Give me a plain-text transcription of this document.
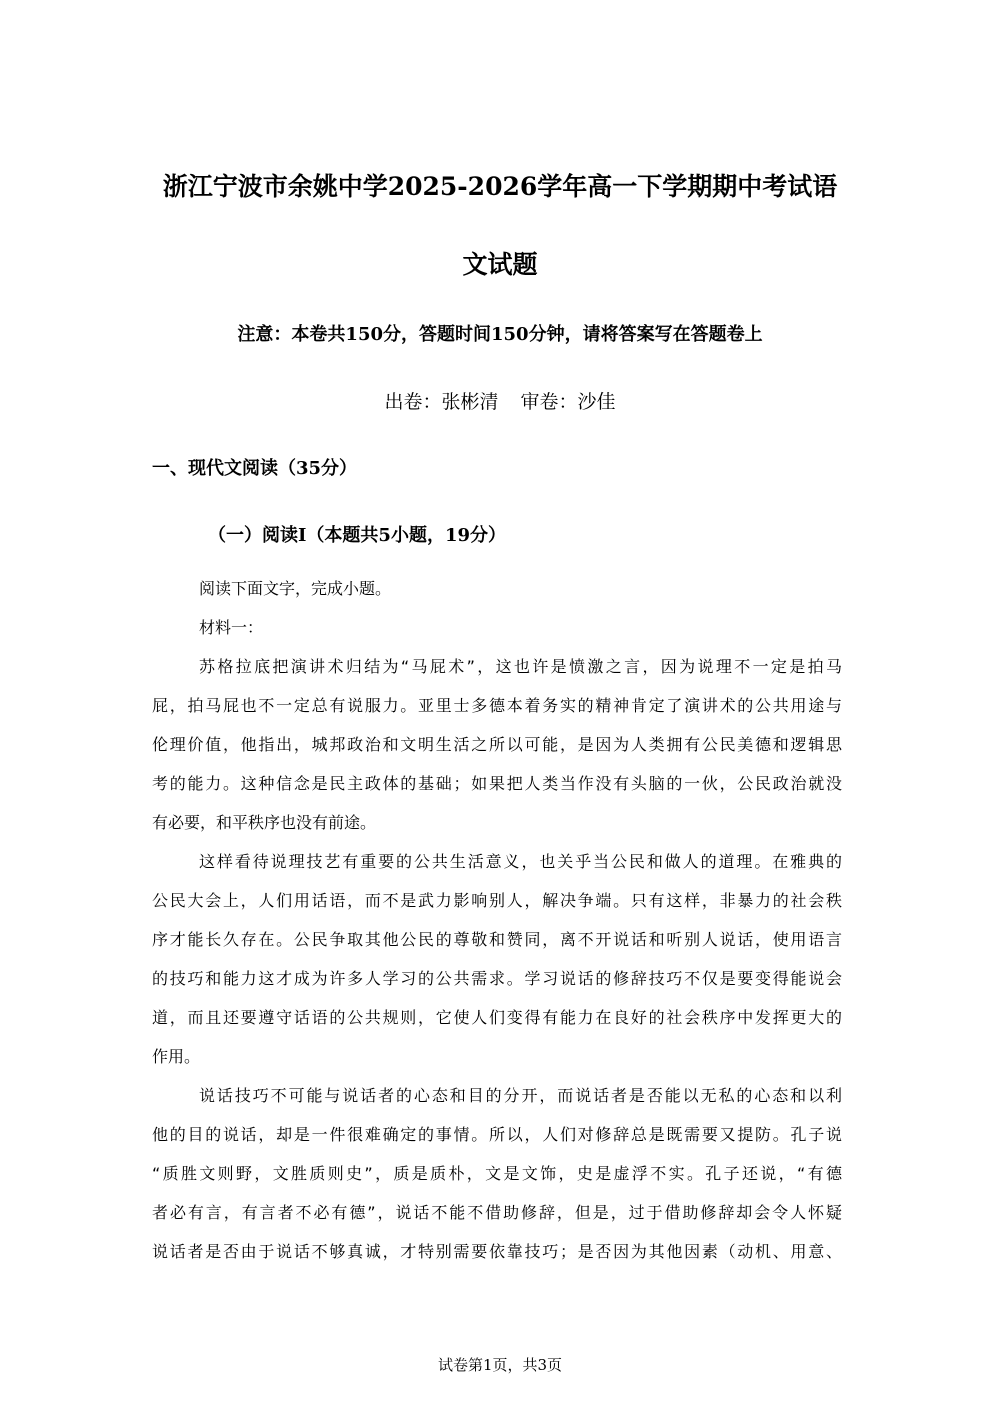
浙江宁波市余姚中学2025-2026学年高一下学期期中考试语
文试题
注意：本卷共150分，答题时间150分钟，请将答案写在答题卷上
出卷：张彬清 审卷：沙佳
一、现代文阅读（35分）
（一）阅读Ⅰ（本题共5小题，19分）
阅读下面文字，完成小题。
材料一：
苏格拉底把演讲术归结为“马屁术”，这也许是愤激之言，因为说理不一定是拍马
屁，拍马屁也不一定总有说服力。亚里士多德本着务实的精神肯定了演讲术的公共用途与
伦理价值，他指出，城邦政治和文明生活之所以可能，是因为人类拥有公民美德和逻辑思
考的能力。这种信念是民主政体的基础；如果把人类当作没有头脑的一伙，公民政治就没
有必要，和平秩序也没有前途。
这样看待说理技艺有重要的公共生活意义，也关乎当公民和做人的道理。在雅典的
公民大会上，人们用话语，而不是武力影响别人，解决争端。只有这样，非暴力的社会秩
序才能长久存在。公民争取其他公民的尊敬和赞同，离不开说话和听别人说话，使用语言
的技巧和能力这才成为许多人学习的公共需求。学习说话的修辞技巧不仅是要变得能说会
道，而且还要遵守话语的公共规则，它使人们变得有能力在良好的社会秩序中发挥更大的
作用。
说话技巧不可能与说话者的心态和目的分开，而说话者是否能以无私的心态和以利
他的目的说话，却是一件很难确定的事情。所以，人们对修辞总是既需要又提防。孔子说
“质胜文则野，文胜质则史”，质是质朴，文是文饰，史是虚浮不实。孔子还说，“有德
者必有言，有言者不必有德”，说话不能不借助修辞，但是，过于借助修辞却会令人怀疑
说话者是否由于说话不够真诚，才特别需要依靠技巧；是否因为其他因素（动机、用意、
试卷第1页，共3页
